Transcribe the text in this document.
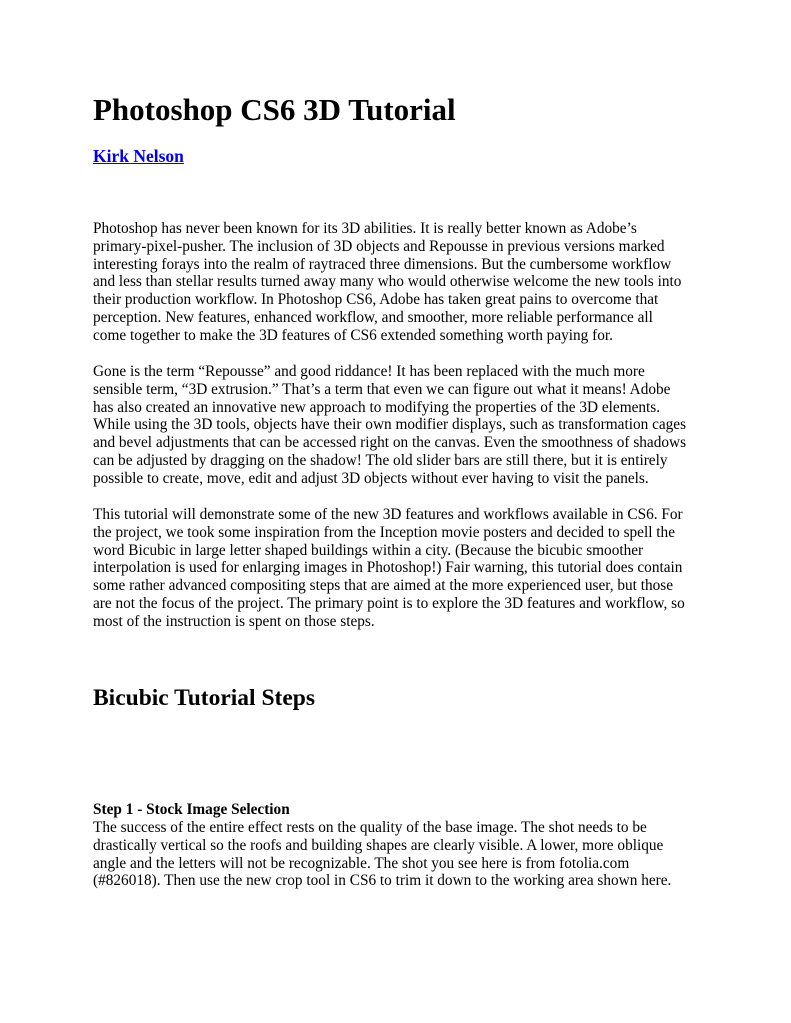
Photoshop CS6 3D Tutorial
Kirk Nelson

Photoshop has never been known for its 3D abilities. It is really better known as Adobe’s
primary-pixel-pusher. The inclusion of 3D objects and Repousse in previous versions marked
interesting forays into the realm of raytraced three dimensions. But the cumbersome workflow
and less than stellar results turned away many who would otherwise welcome the new tools into
their production workflow. In Photoshop CS6, Adobe has taken great pains to overcome that
perception. New features, enhanced workflow, and smoother, more reliable performance all
come together to make the 3D features of CS6 extended something worth paying for.

Gone is the term “Repousse” and good riddance! It has been replaced with the much more
sensible term, “3D extrusion.” That’s a term that even we can figure out what it means! Adobe
has also created an innovative new approach to modifying the properties of the 3D elements.
While using the 3D tools, objects have their own modifier displays, such as transformation cages
and bevel adjustments that can be accessed right on the canvas. Even the smoothness of shadows
can be adjusted by dragging on the shadow! The old slider bars are still there, but it is entirely
possible to create, move, edit and adjust 3D objects without ever having to visit the panels.

This tutorial will demonstrate some of the new 3D features and workflows available in CS6. For
the project, we took some inspiration from the Inception movie posters and decided to spell the
word Bicubic in large letter shaped buildings within a city. (Because the bicubic smoother
interpolation is used for enlarging images in Photoshop!) Fair warning, this tutorial does contain
some rather advanced compositing steps that are aimed at the more experienced user, but those
are not the focus of the project. The primary point is to explore the 3D features and workflow, so
most of the instruction is spent on those steps.

Bicubic Tutorial Steps
Step 1 - Stock Image Selection

The success of the entire effect rests on the quality of the base image. The shot needs to be
drastically vertical so the roofs and building shapes are clearly visible. A lower, more oblique
angle and the letters will not be recognizable. The shot you see here is from fotolia.com
(#826018). Then use the new crop tool in CS6 to trim it down to the working area shown here.
